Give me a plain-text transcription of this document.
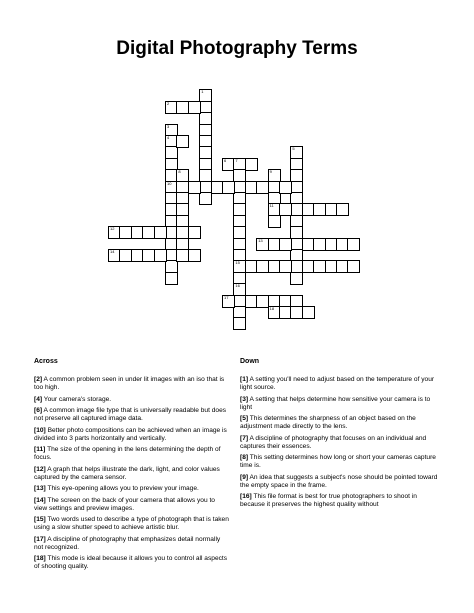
Digital Photography Terms
1
2
3
4
10
5
6 7
15
16
8	9
11
12
13
14
17
18
Across
[2] A common problem seen in under lit images with an iso that is too high.
[4] Your camera's storage.
[6] A common image file type that is universally readable but does not preserve all captured image data.
[10] Better photo compositions can be achieved when an image is divided into 3 parts horizontally and vertically.
[11] The size of the opening in the lens determining the depth of focus.
[12] A graph that helps illustrate the dark, light, and color values captured by the camera sensor.
[13] This eye-opening allows you to preview your image.
[14] The screen on the back of your camera that allows you to view settings and preview images.
[15] Two words used to describe a type of photograph that is taken using a slow shutter speed to achieve artistic blur.
[17] A discipline of photography that emphasizes detail normally not recognized.
[18] This mode is ideal because it allows you to control all aspects of shooting quality.
Down
[1] A setting you'll need to adjust based on the temperature of your light source.
[3] A setting that helps determine how sensitive your camera is to light
[5] This determines the sharpness of an object based on the adjustment made directly to the lens.
[7] A discipline of photography that focuses on an individual and captures their essences.
[8] This setting determines how long or short your cameras capture time is.
[9] An idea that suggests a subject's nose should be pointed toward the empty space in the frame.
[16] This file format is best for true photographers to shoot in because it preserves the highest quality without
